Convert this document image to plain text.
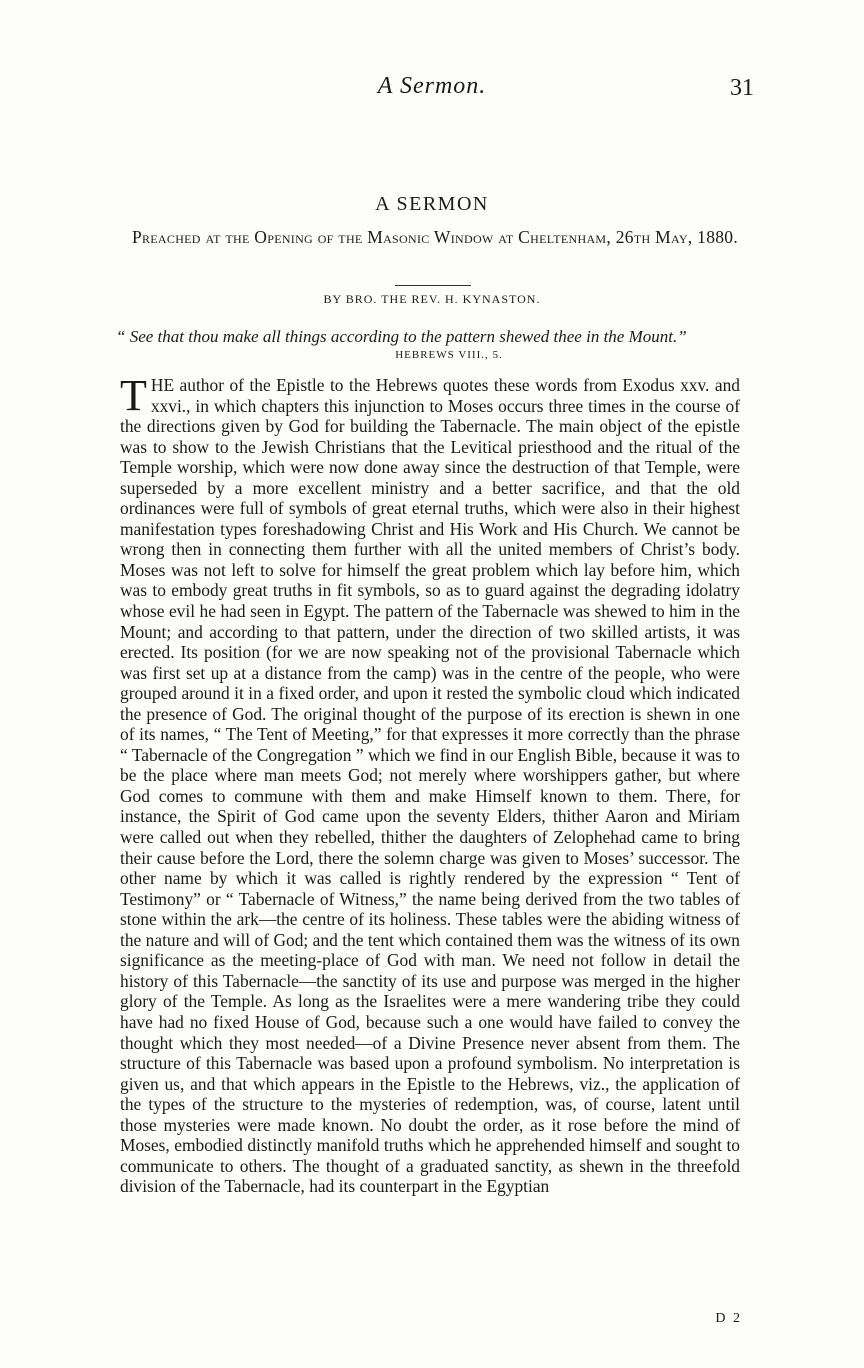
A Sermon.	31
A SERMON
Preached at the Opening of the Masonic Window at Cheltenham, 26th May, 1880.
BY BRO. THE REV. H. KYNASTON.
“ See that thou make all things according to the pattern shewed thee in the Mount.”
HEBREWS VIII., 5.
THE author of the Epistle to the Hebrews quotes these words from Exodus xxv. and xxvi., in which chapters this injunction to Moses occurs three times in the course of the directions given by God for building the Tabernacle. The main object of the epistle was to show to the Jewish Christians that the Levitical priesthood and the ritual of the Temple worship, which were now done away since the destruction of that Temple, were superseded by a more excellent ministry and a better sacrifice, and that the old ordinances were full of symbols of great eternal truths, which were also in their highest manifestation types foreshadowing Christ and His Work and His Church. We cannot be wrong then in connecting them further with all the united members of Christ’s body. Moses was not left to solve for himself the great problem which lay before him, which was to embody great truths in fit symbols, so as to guard against the degrading idolatry whose evil he had seen in Egypt. The pattern of the Tabernacle was shewed to him in the Mount; and according to that pattern, under the direction of two skilled artists, it was erected. Its position (for we are now speaking not of the provisional Tabernacle which was first set up at a distance from the camp) was in the centre of the people, who were grouped around it in a fixed order, and upon it rested the symbolic cloud which indicated the presence of God. The original thought of the purpose of its erection is shewn in one of its names, “ The Tent of Meeting,” for that expresses it more correctly than the phrase “ Tabernacle of the Congregation ” which we find in our English Bible, because it was to be the place where man meets God; not merely where worshippers gather, but where God comes to commune with them and make Himself known to them. There, for instance, the Spirit of God came upon the seventy Elders, thither Aaron and Miriam were called out when they rebelled, thither the daughters of Zelophehad came to bring their cause before the Lord, there the solemn charge was given to Moses’ successor. The other name by which it was called is rightly rendered by the expression “ Tent of Testimony” or “ Tabernacle of Witness,” the name being derived from the two tables of stone within the ark—the centre of its holiness. These tables were the abiding witness of the nature and will of God; and the tent which contained them was the witness of its own significance as the meeting-place of God with man. We need not follow in detail the history of this Tabernacle—the sanctity of its use and purpose was merged in the higher glory of the Temple. As long as the Israelites were a mere wandering tribe they could have had no fixed House of God, because such a one would have failed to convey the thought which they most needed—of a Divine Presence never absent from them. The structure of this Tabernacle was based upon a profound symbolism. No interpretation is given us, and that which appears in the Epistle to the Hebrews, viz., the application of the types of the structure to the mysteries of redemption, was, of course, latent until those mysteries were made known. No doubt the order, as it rose before the mind of Moses, embodied distinctly manifold truths which he apprehended himself and sought to communicate to others. The thought of a graduated sanctity, as shewn in the threefold division of the Tabernacle, had its counterpart in the Egyptian
D 2
